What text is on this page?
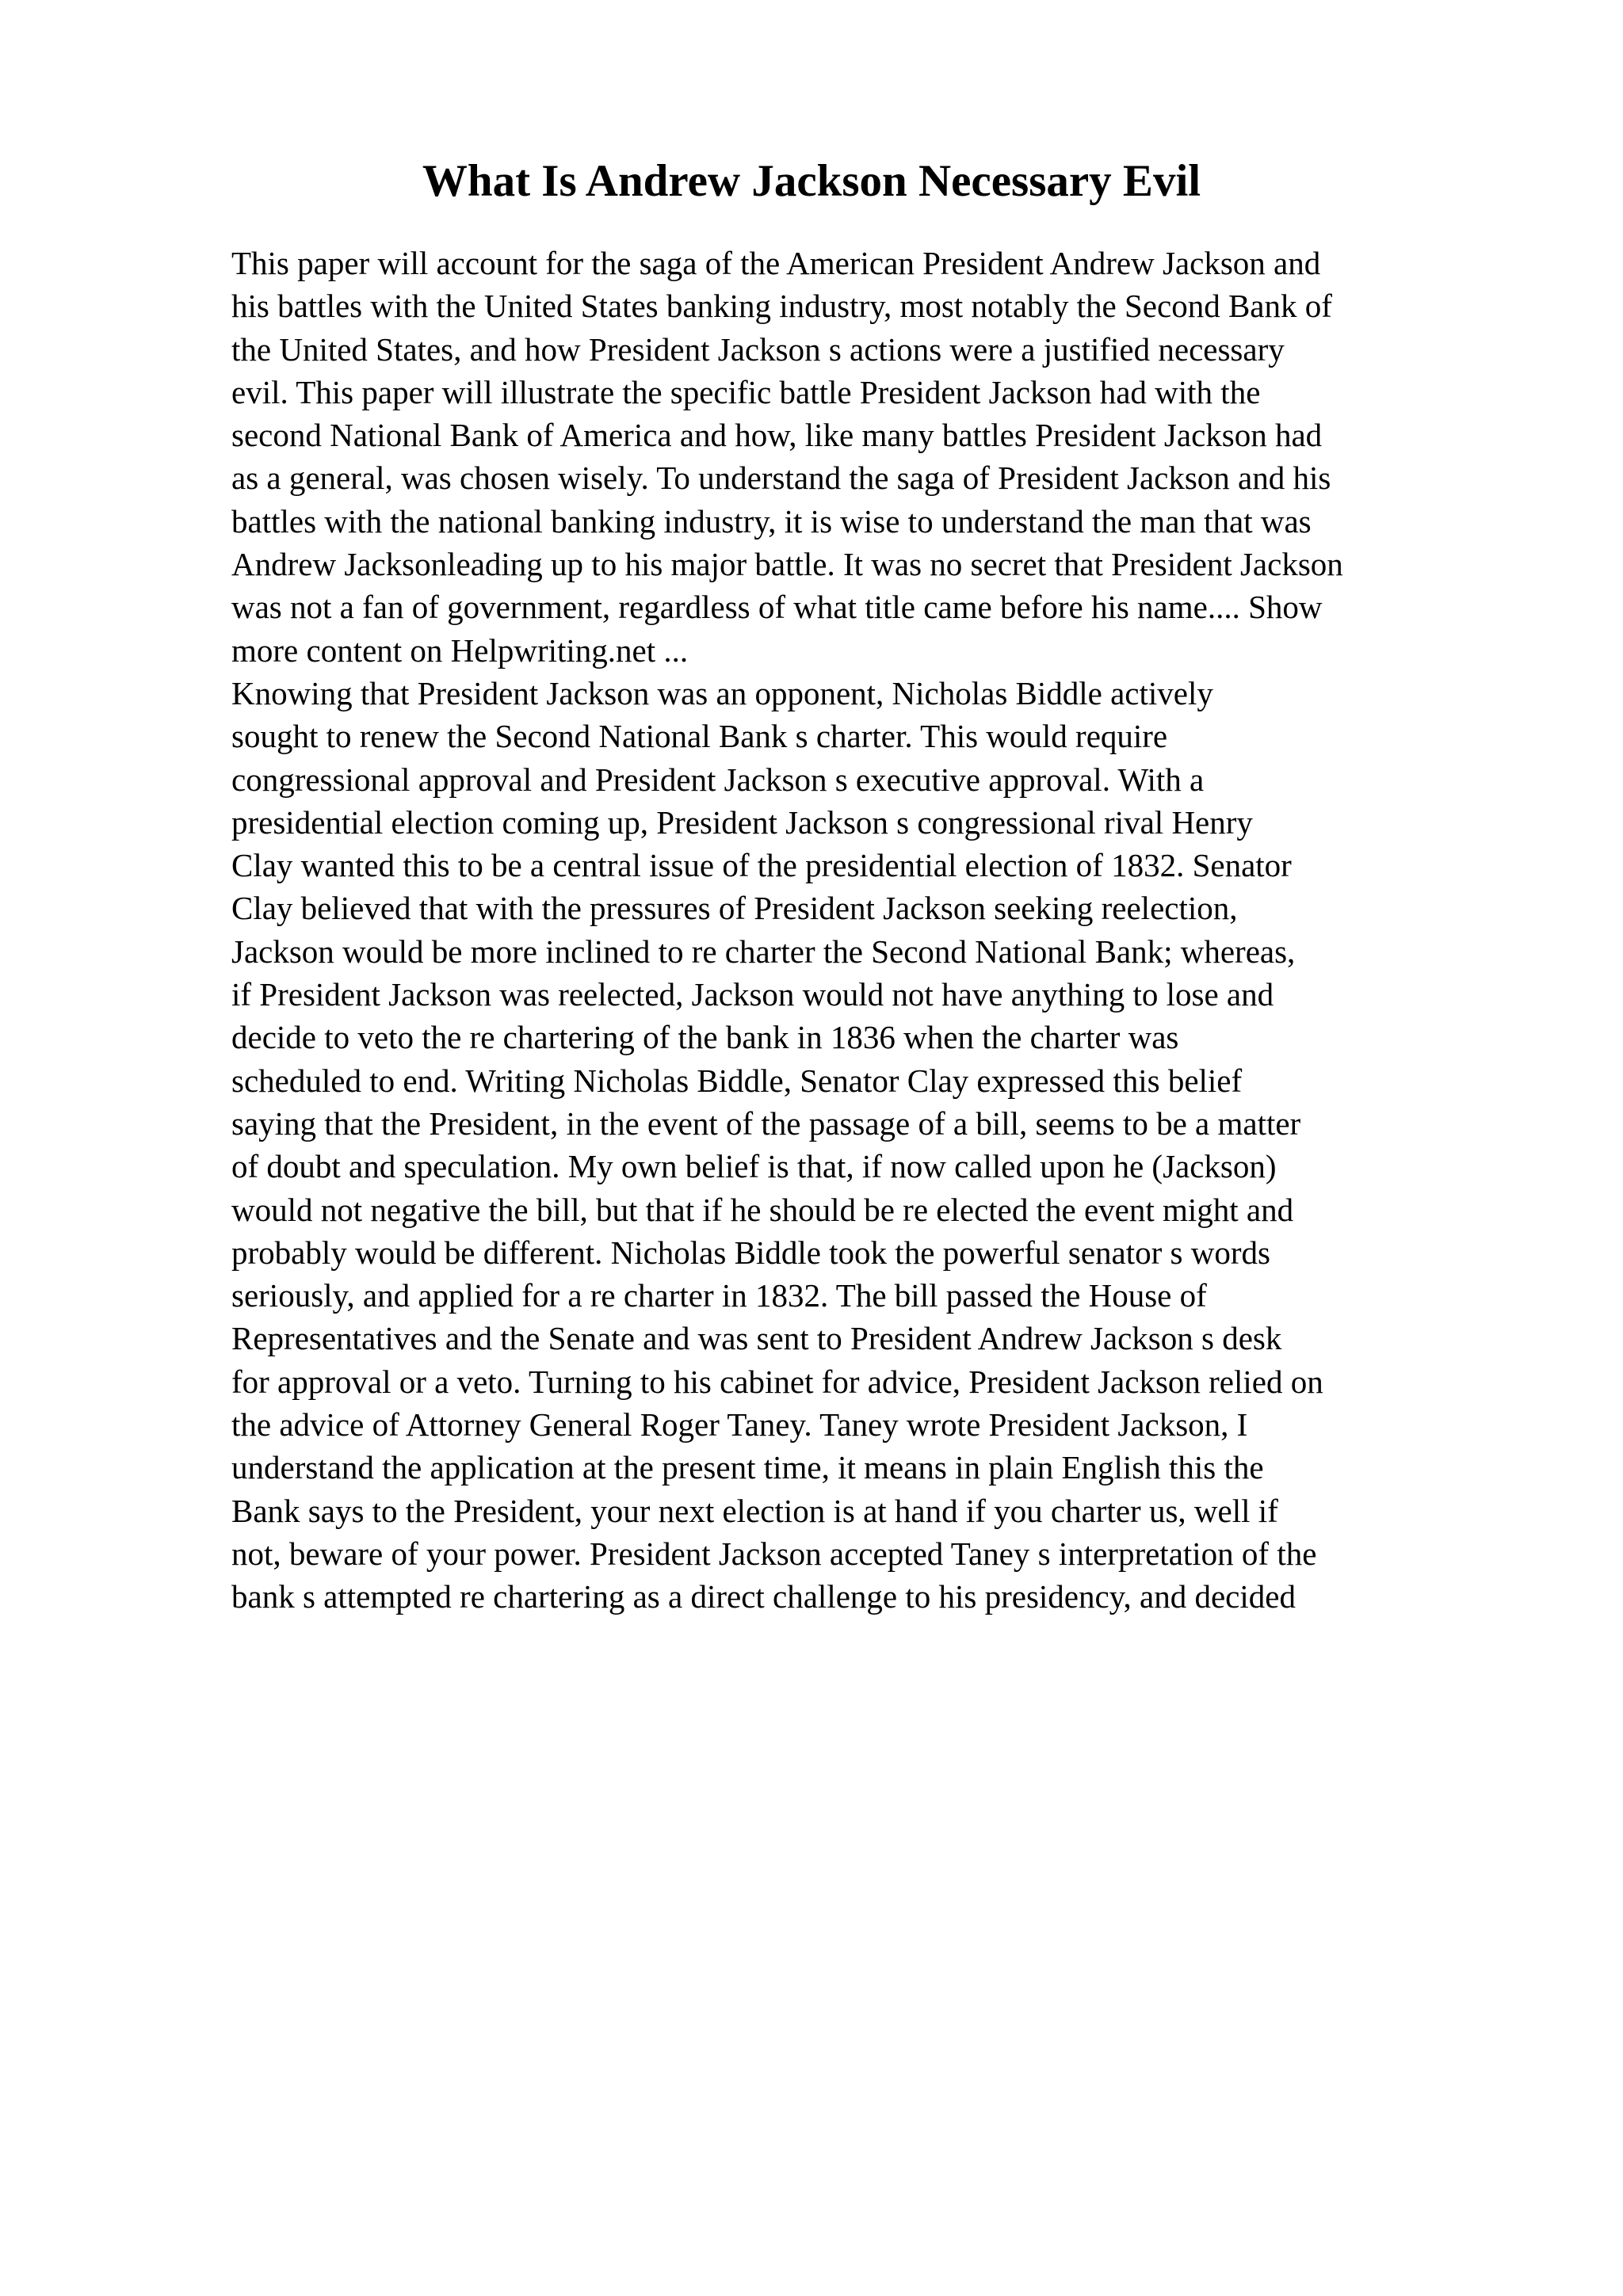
What Is Andrew Jackson Necessary Evil
This paper will account for the saga of the American President Andrew Jackson and
his battles with the United States banking industry, most notably the Second Bank of
the United States, and how President Jackson s actions were a justified necessary
evil. This paper will illustrate the specific battle President Jackson had with the
second National Bank of America and how, like many battles President Jackson had
as a general, was chosen wisely. To understand the saga of President Jackson and his
battles with the national banking industry, it is wise to understand the man that was
Andrew Jacksonleading up to his major battle. It was no secret that President Jackson
was not a fan of government, regardless of what title came before his name.... Show
more content on Helpwriting.net ...
Knowing that President Jackson was an opponent, Nicholas Biddle actively
sought to renew the Second National Bank s charter. This would require
congressional approval and President Jackson s executive approval. With a
presidential election coming up, President Jackson s congressional rival Henry
Clay wanted this to be a central issue of the presidential election of 1832. Senator
Clay believed that with the pressures of President Jackson seeking reelection,
Jackson would be more inclined to re charter the Second National Bank; whereas,
if President Jackson was reelected, Jackson would not have anything to lose and
decide to veto the re chartering of the bank in 1836 when the charter was
scheduled to end. Writing Nicholas Biddle, Senator Clay expressed this belief
saying that the President, in the event of the passage of a bill, seems to be a matter
of doubt and speculation. My own belief is that, if now called upon he (Jackson)
would not negative the bill, but that if he should be re elected the event might and
probably would be different. Nicholas Biddle took the powerful senator s words
seriously, and applied for a re charter in 1832. The bill passed the House of
Representatives and the Senate and was sent to President Andrew Jackson s desk
for approval or a veto. Turning to his cabinet for advice, President Jackson relied on
the advice of Attorney General Roger Taney. Taney wrote President Jackson, I
understand the application at the present time, it means in plain English this the
Bank says to the President, your next election is at hand if you charter us, well if
not, beware of your power. President Jackson accepted Taney s interpretation of the
bank s attempted re chartering as a direct challenge to his presidency, and decided
